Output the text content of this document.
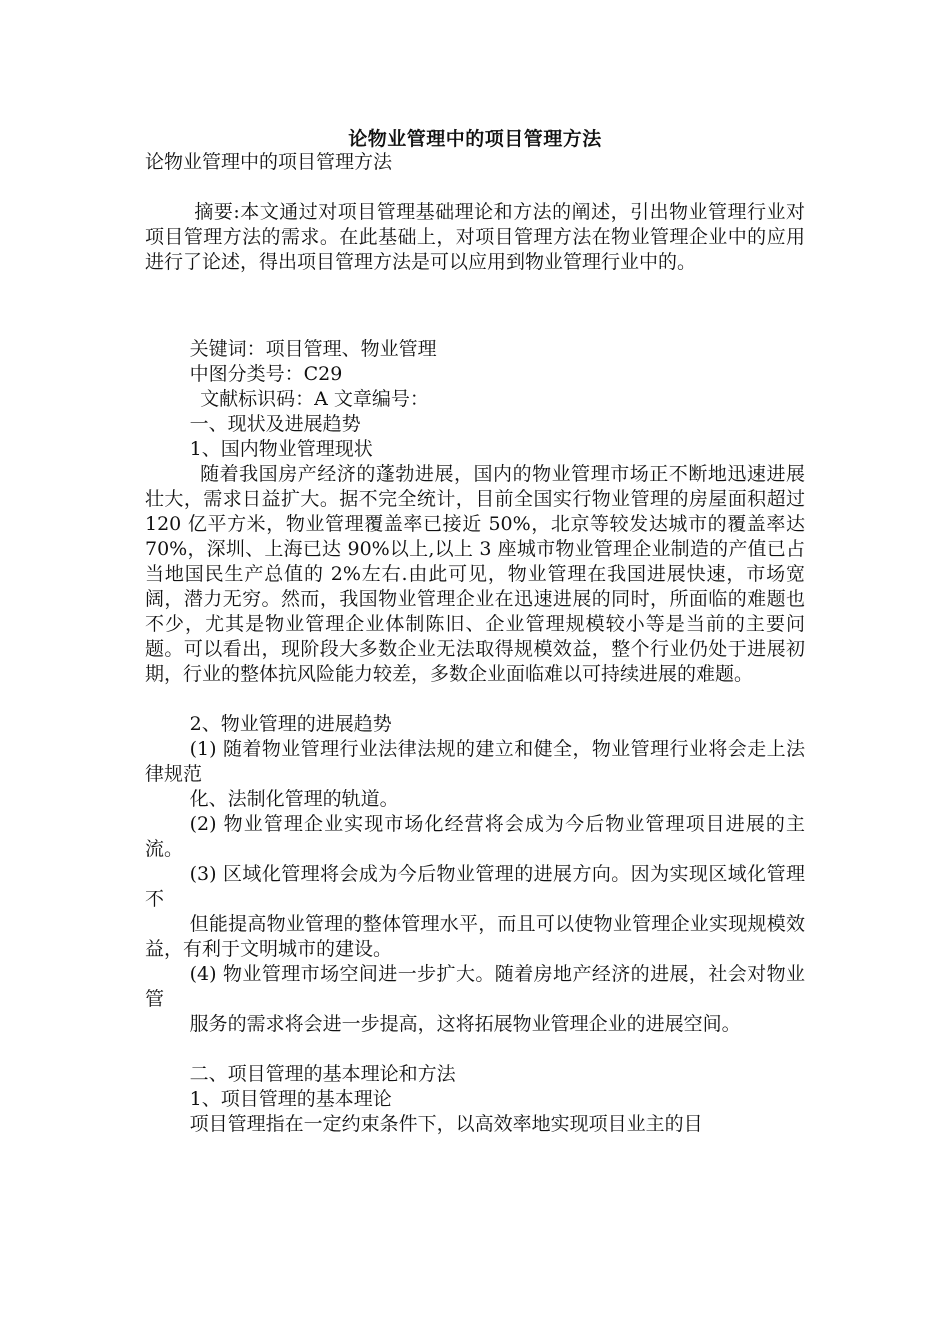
论物业管理中的项目管理方法

论物业管理中的项目管理方法

摘要:本文通过对项目管理基础理论和方法的阐述，引出物业管理行业对项目管理方法的需求。在此基础上，对项目管理方法在物业管理企业中的应用进行了论述，得出项目管理方法是可以应用到物业管理行业中的。

关键词：项目管理、物业管理

中图分类号：C29

文献标识码：A 文章编号：

一、现状及进展趋势

1、国内物业管理现状

随着我国房产经济的蓬勃进展，国内的物业管理市场正不断地迅速进展壮大，需求日益扩大。据不完全统计，目前全国实行物业管理的房屋面积超过 120 亿平方米，物业管理覆盖率已接近 50%，北京等较发达城市的覆盖率达 70%，深圳、上海已达 90%以上,以上 3 座城市物业管理企业制造的产值已占当地国民生产总值的 2%左右.由此可见，物业管理在我国进展快速，市场宽阔，潜力无穷。然而，我国物业管理企业在迅速进展的同时，所面临的难题也不少，尤其是物业管理企业体制陈旧、企业管理规模较小等是当前的主要问题。可以看出，现阶段大多数企业无法取得规模效益，整个行业仍处于进展初期，行业的整体抗风险能力较差，多数企业面临难以可持续进展的难题。

2、物业管理的进展趋势

(1) 随着物业管理行业法律法规的建立和健全，物业管理行业将会走上法律规范

化、法制化管理的轨道。

(2) 物业管理企业实现市场化经营将会成为今后物业管理项目进展的主流。

(3) 区域化管理将会成为今后物业管理的进展方向。因为实现区域化管理不

但能提高物业管理的整体管理水平，而且可以使物业管理企业实现规模效益，有利于文明城市的建设。

(4) 物业管理市场空间进一步扩大。随着房地产经济的进展，社会对物业管

服务的需求将会进一步提高，这将拓展物业管理企业的进展空间。

二、项目管理的基本理论和方法

1、项目管理的基本理论

项目管理指在一定约束条件下，以高效率地实现项目业主的目
